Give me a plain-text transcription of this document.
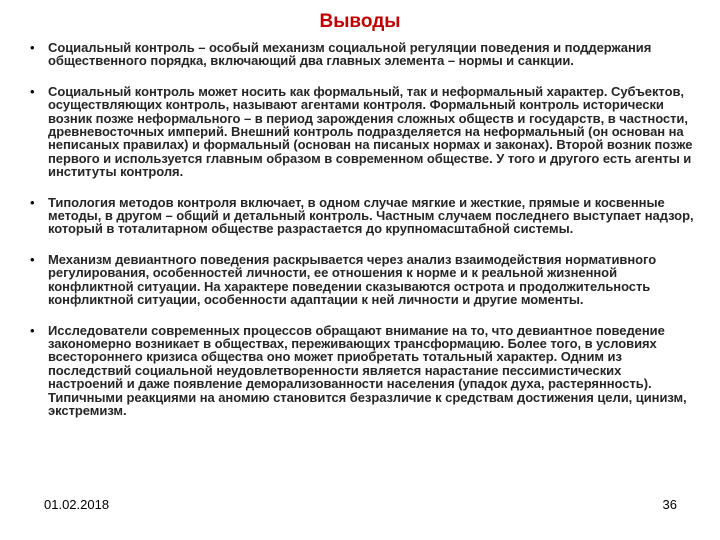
Выводы
• Социальный контроль – особый механизм социальной регуляции поведения и поддержания общественного порядка, включающий два главных элемента – нормы и санкции.
• Социальный контроль может носить как формальный, так и неформальный характер. Субъектов, осуществляющих контроль, называют агентами контроля. Формальный контроль исторически возник позже неформального – в период зарождения сложных обществ и государств, в частности, древневосточных империй. Внешний контроль подразделяется на неформальный (он основан на неписаных правилах) и формальный (основан на писаных нормах и законах). Второй возник позже первого и используется главным образом в современном обществе. У того и другого есть агенты и институты контроля.
• Типология методов контроля включает, в одном случае мягкие и жесткие, прямые и косвенные методы, в другом – общий и детальный контроль. Частным случаем последнего выступает надзор, который в тоталитарном обществе разрастается до крупномасштабной системы.
• Механизм девиантного поведения раскрывается через анализ взаимодействия нормативного регулирования, особенностей личности, ее отношения к норме и к реальной жизненной конфликтной ситуации. На характере поведении сказываются острота и продолжительность конфликтной ситуации, особенности адаптации к ней личности и другие моменты.
• Исследователи современных процессов обращают внимание на то, что девиантное поведение закономерно возникает в обществах, переживающих трансформацию. Более того, в условиях всестороннего кризиса общества оно может приобретать тотальный характер. Одним из последствий социальной неудовлетворенности является нарастание пессимистических настроений и даже появление деморализованности населения (упадок духа, растерянность). Типичными реакциями на аномию становится безразличие к средствам достижения цели, цинизм, экстремизм.
01.02.2018	36
